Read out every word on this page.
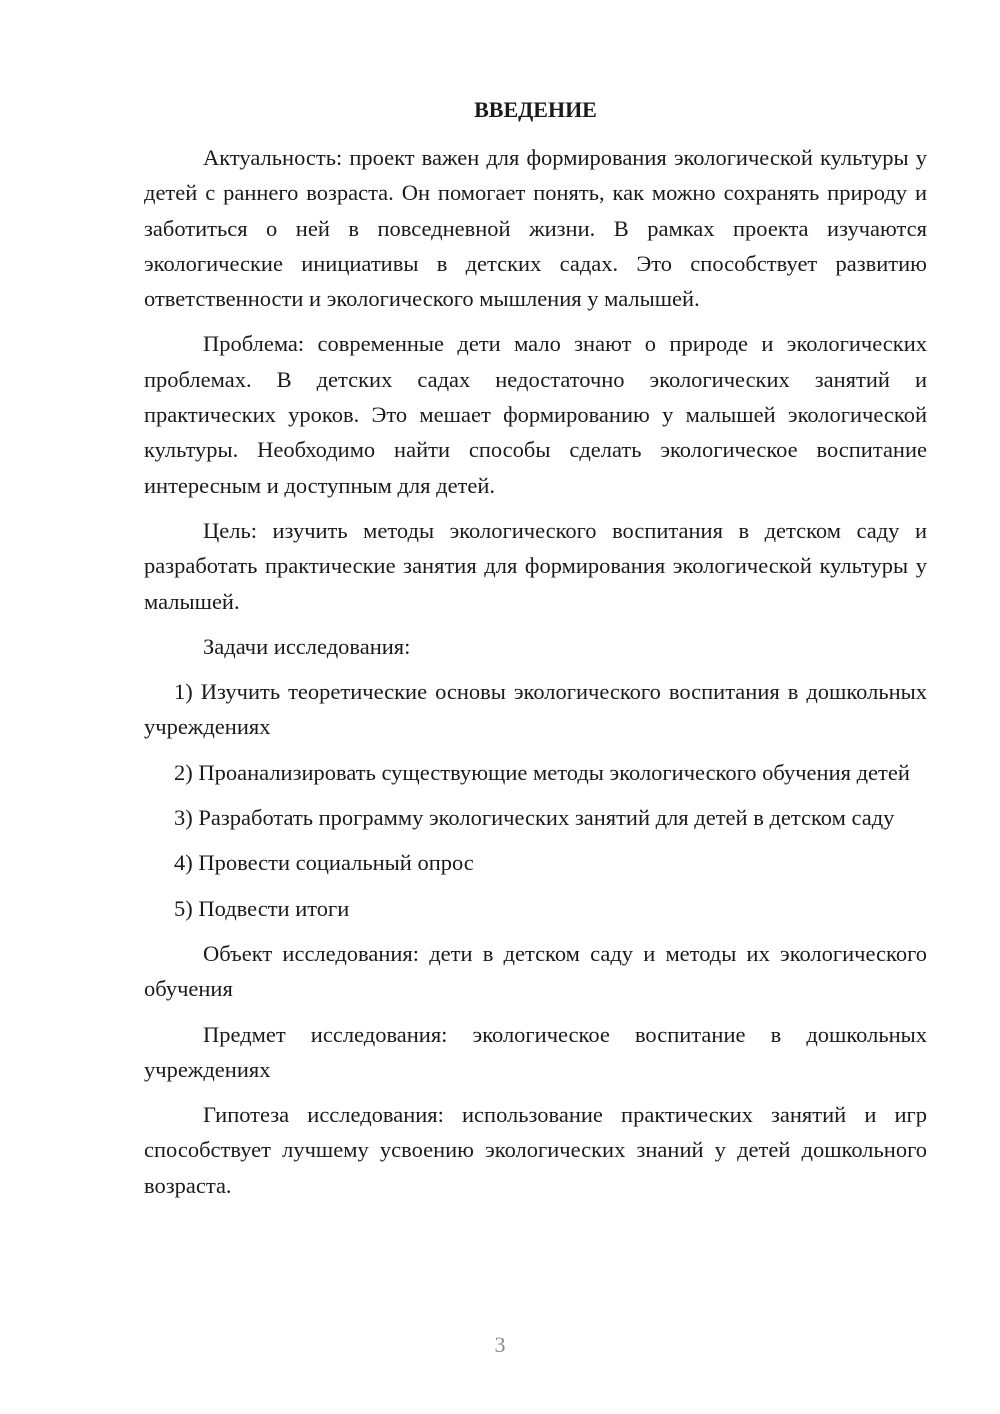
ВВЕДЕНИЕ

Актуальность: проект важен для формирования экологической культуры у детей с раннего возраста. Он помогает понять, как можно сохранять природу и заботиться о ней в повседневной жизни. В рамках проекта изучаются экологические инициативы в детских садах. Это способствует развитию ответственности и экологического мышления у малышей.

Проблема: современные дети мало знают о природе и экологических проблемах. В детских садах недостаточно экологических занятий и практических уроков. Это мешает формированию у малышей экологической культуры. Необходимо найти способы сделать экологическое воспитание интересным и доступным для детей.

Цель: изучить методы экологического воспитания в детском саду и разработать практические занятия для формирования экологической культуры у малышей.

Задачи исследования:

1) Изучить теоретические основы экологического воспитания в дошкольных учреждениях

2) Проанализировать существующие методы экологического обучения детей

3) Разработать программу экологических занятий для детей в детском саду

4) Провести социальный опрос

5) Подвести итоги

Объект исследования: дети в детском саду и методы их экологического обучения

Предмет исследования: экологическое воспитание в дошкольных учреждениях

Гипотеза исследования: использование практических занятий и игр способствует лучшему усвоению экологических знаний у детей дошкольного возраста.

3
